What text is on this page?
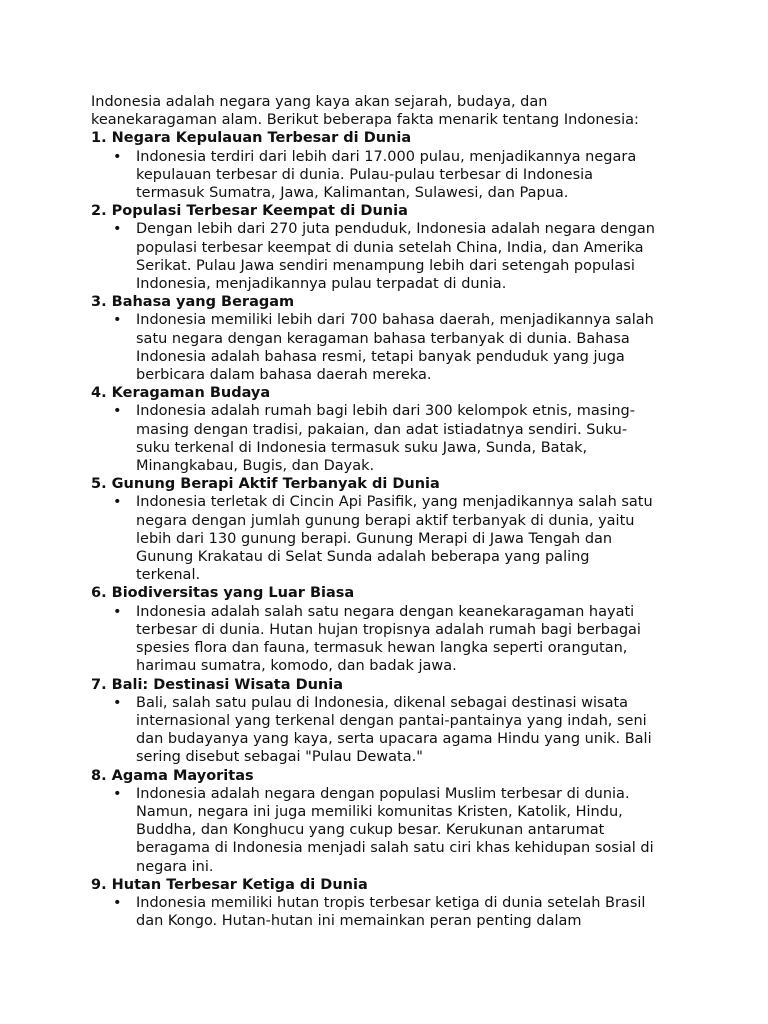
Indonesia adalah negara yang kaya akan sejarah, budaya, dan
keanekaragaman alam. Berikut beberapa fakta menarik tentang Indonesia:

1. Negara Kepulauan Terbesar di Dunia
• Indonesia terdiri dari lebih dari 17.000 pulau, menjadikannya negara
kepulauan terbesar di dunia. Pulau-pulau terbesar di Indonesia
termasuk Sumatra, Jawa, Kalimantan, Sulawesi, dan Papua.
2. Populasi Terbesar Keempat di Dunia
• Dengan lebih dari 270 juta penduduk, Indonesia adalah negara dengan
populasi terbesar keempat di dunia setelah China, India, dan Amerika
Serikat. Pulau Jawa sendiri menampung lebih dari setengah populasi
Indonesia, menjadikannya pulau terpadat di dunia.
3. Bahasa yang Beragam
• Indonesia memiliki lebih dari 700 bahasa daerah, menjadikannya salah
satu negara dengan keragaman bahasa terbanyak di dunia. Bahasa
Indonesia adalah bahasa resmi, tetapi banyak penduduk yang juga
berbicara dalam bahasa daerah mereka.
4. Keragaman Budaya
• Indonesia adalah rumah bagi lebih dari 300 kelompok etnis, masing-
masing dengan tradisi, pakaian, dan adat istiadatnya sendiri. Suku-
suku terkenal di Indonesia termasuk suku Jawa, Sunda, Batak,
Minangkabau, Bugis, dan Dayak.
5. Gunung Berapi Aktif Terbanyak di Dunia
• Indonesia terletak di Cincin Api Pasifik, yang menjadikannya salah satu
negara dengan jumlah gunung berapi aktif terbanyak di dunia, yaitu
lebih dari 130 gunung berapi. Gunung Merapi di Jawa Tengah dan
Gunung Krakatau di Selat Sunda adalah beberapa yang paling
terkenal.
6. Biodiversitas yang Luar Biasa
• Indonesia adalah salah satu negara dengan keanekaragaman hayati
terbesar di dunia. Hutan hujan tropisnya adalah rumah bagi berbagai
spesies flora dan fauna, termasuk hewan langka seperti orangutan,
harimau sumatra, komodo, dan badak jawa.
7. Bali: Destinasi Wisata Dunia
• Bali, salah satu pulau di Indonesia, dikenal sebagai destinasi wisata
internasional yang terkenal dengan pantai-pantainya yang indah, seni
dan budayanya yang kaya, serta upacara agama Hindu yang unik. Bali
sering disebut sebagai "Pulau Dewata."
8. Agama Mayoritas
• Indonesia adalah negara dengan populasi Muslim terbesar di dunia.
Namun, negara ini juga memiliki komunitas Kristen, Katolik, Hindu,
Buddha, dan Konghucu yang cukup besar. Kerukunan antarumat
beragama di Indonesia menjadi salah satu ciri khas kehidupan sosial di
negara ini.
9. Hutan Terbesar Ketiga di Dunia
• Indonesia memiliki hutan tropis terbesar ketiga di dunia setelah Brasil
dan Kongo. Hutan-hutan ini memainkan peran penting dalam
